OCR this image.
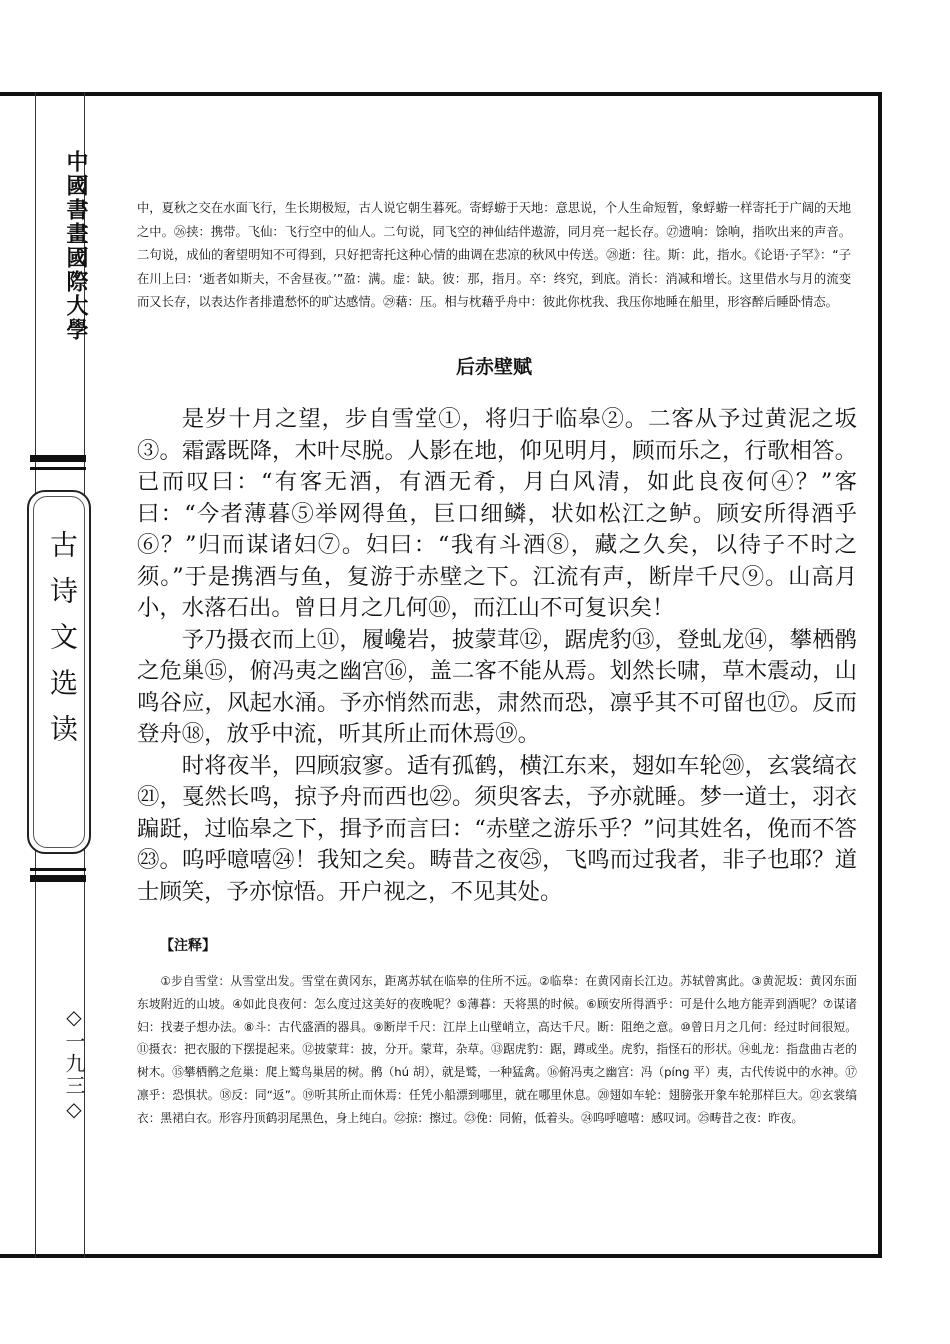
中國書畫國際大學
古诗文选读
◇一九三◇
中，夏秋之交在水面飞行，生长期极短，古人说它朝生暮死。寄蜉蝣于天地：意思说，个人生命短暂，象蜉蝣一样寄托于广阔的天地之中。㉖挟：携带。飞仙：飞行空中的仙人。二句说，同飞空的神仙结伴遨游，同月亮一起长存。㉗遗响：馀响，指吹出来的声音。二句说，成仙的奢望明知不可得到，只好把寄托这种心情的曲调在悲凉的秋风中传送。㉘逝：往。斯：此，指水。《论语·子罕》：“子在川上曰：‘逝者如斯夫，不舍昼夜。’”盈：满。虚：缺。彼：那，指月。卒：终究，到底。消长：消减和增长。这里借水与月的流变而又长存，以表达作者排遣愁怀的旷达感情。㉙藉：压。相与枕藉乎舟中：彼此你枕我、我压你地睡在船里，形容醉后睡卧情态。
后赤壁赋

是岁十月之望，步自雪堂①，将归于临皋②。二客从予过黄泥之坂③。霜露既降，木叶尽脱。人影在地，仰见明月，顾而乐之，行歌相答。已而叹曰：“有客无酒，有酒无肴，月白风清，如此良夜何④？”客曰：“今者薄暮⑤举网得鱼，巨口细鳞，状如松江之鲈。顾安所得酒乎⑥？”归而谋诸妇⑦。妇曰：“我有斗酒⑧，藏之久矣，以待子不时之须。”于是携酒与鱼，复游于赤壁之下。江流有声，断岸千尺⑨。山高月小，水落石出。曾日月之几何⑩，而江山不可复识矣！

予乃摄衣而上⑪，履巉岩，披蒙茸⑫，踞虎豹⑬，登虬龙⑭，攀栖鹘之危巢⑮，俯冯夷之幽宫⑯，盖二客不能从焉。划然长啸，草木震动，山鸣谷应，风起水涌。予亦悄然而悲，肃然而恐，凛乎其不可留也⑰。反而登舟⑱，放乎中流，听其所止而休焉⑲。

时将夜半，四顾寂寥。适有孤鹤，横江东来，翅如车轮⑳，玄裳缟衣㉑，戛然长鸣，掠予舟而西也㉒。须臾客去，予亦就睡。梦一道士，羽衣蹁跹，过临皋之下，揖予而言曰：“赤壁之游乐乎？”问其姓名，俛而不答㉓。呜呼噫嘻㉔！我知之矣。畴昔之夜㉕，飞鸣而过我者，非子也耶？道士顾笑，予亦惊悟。开户视之，不见其处。

【注释】
①步自雪堂：从雪堂出发。雪堂在黄冈东，距离苏轼在临皋的住所不远。②临皋：在黄冈南长江边。苏轼曾寓此。③黄泥坂：黄冈东面东坡附近的山坡。④如此良夜何：怎么度过这美好的夜晚呢？⑤薄暮：天将黑的时候。⑥顾安所得酒乎：可是什么地方能弄到酒呢？⑦谋诸妇：找妻子想办法。⑧斗：古代盛酒的器具。⑨断岸千尺：江岸上山壁峭立，高达千尺。断：阻绝之意。⑩曾日月之几何：经过时间很短。⑪摄衣：把衣服的下摆提起来。⑫披蒙茸：披，分开。蒙茸，杂草。⑬踞虎豹：踞，蹲或坐。虎豹，指怪石的形状。⑭虬龙：指盘曲古老的树木。⑮攀栖鹘之危巢：爬上鹫鸟巢居的树。鹘（hú 胡），就是鹫，一种猛禽。⑯俯冯夷之幽宫：冯（píng 平）夷，古代传说中的水神。⑰凛乎：恐惧状。⑱反：同“返”。⑲听其所止而休焉：任凭小船漂到哪里，就在哪里休息。⑳翅如车轮：翅膀张开象车轮那样巨大。㉑玄裳缟衣：黑裙白衣。形容丹顶鹤羽尾黑色，身上纯白。㉒掠：擦过。㉓俛：同俯，低着头。㉔呜呼噫嘻：感叹词。㉕畴昔之夜：昨夜。
